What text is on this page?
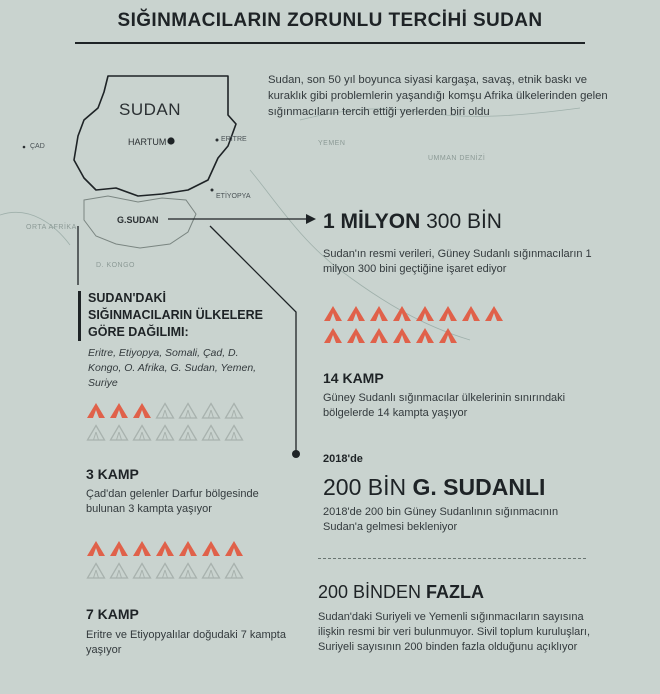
SIĞINMACILARIN ZORUNLU TERCİHİ SUDAN
Sudan, son 50 yıl boyunca siyasi kargaşa, savaş, etnik baskı ve kuraklık gibi problemlerin yaşandığı komşu Afrika ülkelerinden gelen sığınmacıların tercih ettiği yerlerden biri oldu
SUDAN
HARTUM	ERİTRE
ETİYOPYA
ÇAD
G.SUDAN
ORTA AFRİKA
D. KONGO
YEMEN
UMMAN DENİZİ
1 MİLYON 300 BİN
Sudan'ın resmi verileri, Güney Sudanlı sığınmacıların 1 milyon 300 bini geçtiğine işaret ediyor
14 KAMP
Güney Sudanlı sığınmacılar ülkelerinin sınırındaki bölgelerde 14 kampta yaşıyor
2018'de
200 BİN G. SUDANLI
2018'de 200 bin Güney Sudanlının sığınmacının Sudan'a gelmesi bekleniyor
200 BİNDEN FAZLA
Sudan'daki Suriyeli ve Yemenli sığınmacıların sayısına ilişkin resmi bir veri bulunmuyor. Sivil toplum kuruluşları, Suriyeli sayısının 200 binden fazla olduğunu açıklıyor
SUDAN'DAKİ SIĞINMACILARIN ÜLKELERE GÖRE DAĞILIMI:
Eritre, Etiyopya, Somali, Çad, D. Kongo, O. Afrika, G. Sudan, Yemen, Suriye
3 KAMP
Çad'dan gelenler Darfur bölgesinde bulunan 3 kampta yaşıyor
7 KAMP
Eritre ve Etiyopyalılar doğudaki 7 kampta yaşıyor
